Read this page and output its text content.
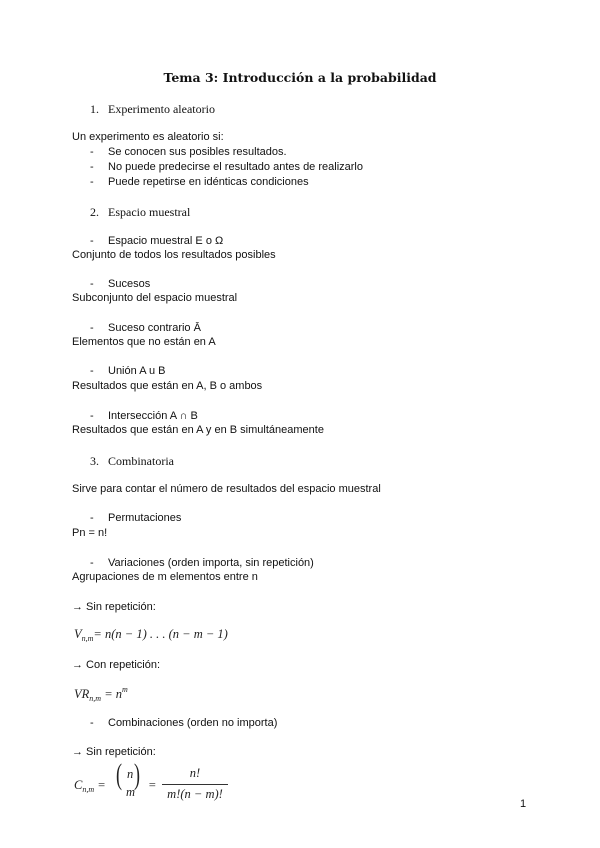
Tema 3: Introducción a la probabilidad
1. Experimento aleatorio
Un experimento es aleatorio si:
- Se conocen sus posibles resultados.
- No puede predecirse el resultado antes de realizarlo
- Puede repetirse en idénticas condiciones
2. Espacio muestral
- Espacio muestral E o Ω
Conjunto de todos los resultados posibles
- Sucesos
Subconjunto del espacio muestral
- Suceso contrario Ā
Elementos que no están en A
- Unión A u B
Resultados que están en A, B o ambos
- Intersección A ∩ B
Resultados que están en A y en B simultáneamente
3. Combinatoria
Sirve para contar el número de resultados del espacio muestral
- Permutaciones
Pn = n!
- Variaciones (orden importa, sin repetición)
Agrupaciones de m elementos entre n
→ Sin repetición:
$V_{n,m} = n(n - 1)$ . . . (n − m − 1)
→ Con repetición:
$VR_{n,m} = n^m$
- Combinaciones (orden no importa)
→ Sin repetición:
$C_{n,m}$ = ( n
m
) =
n!
m!(n − m)!
1
